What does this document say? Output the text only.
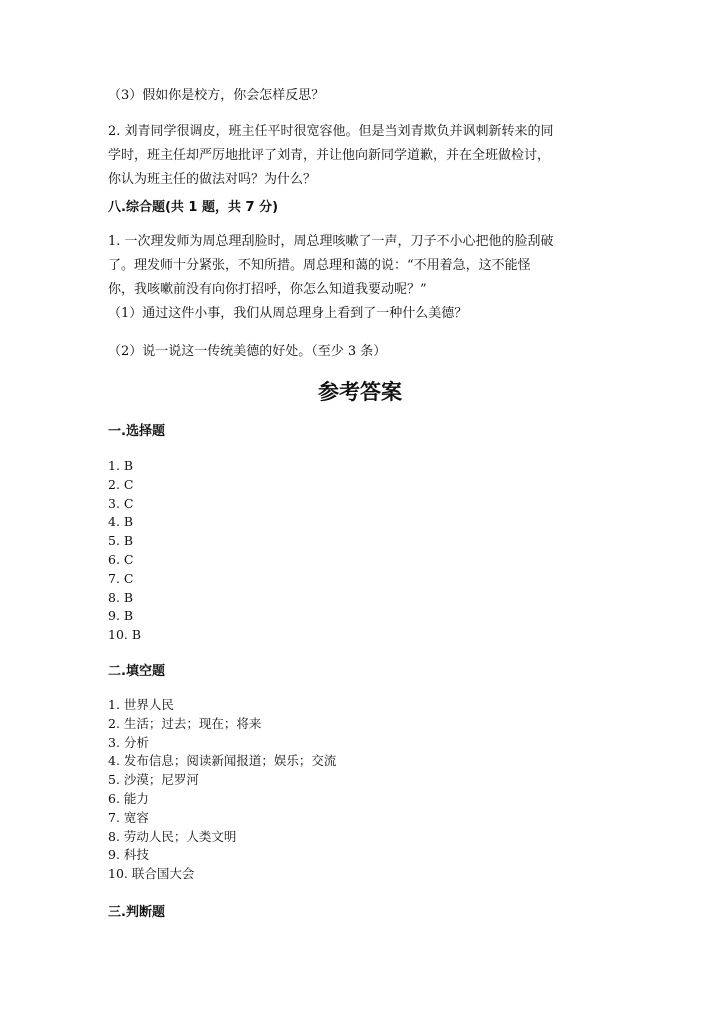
（3）假如你是校方，你会怎样反思？

2. 刘青同学很调皮，班主任平时很宽容他。但是当刘青欺负并讽刺新转来的同

学时，班主任却严厉地批评了刘青，并让他向新同学道歉，并在全班做检讨，

你认为班主任的做法对吗？为什么？

八.综合题(共 1 题，共 7 分)

1. 一次理发师为周总理刮脸时，周总理咳嗽了一声，刀子不小心把他的脸刮破

了。理发师十分紧张，不知所措。周总理和蔼的说：“不用着急，这不能怪

你，我咳嗽前没有向你打招呼，你怎么知道我要动呢？”

（1）通过这件小事，我们从周总理身上看到了一种什么美德？

（2）说一说这一传统美德的好处。（至少 3 条）

参考答案
一.选择题
1. B
2. C
3. C
4. B
5. B
6. C
7. C
8. B
9. B
10. B
二.填空题
1. 世界人民
2. 生活；过去；现在；将来
3. 分析
4. 发布信息；阅读新闻报道；娱乐；交流
5. 沙漠；尼罗河
6. 能力
7. 宽容
8. 劳动人民；人类文明
9. 科技
10. 联合国大会
三.判断题
